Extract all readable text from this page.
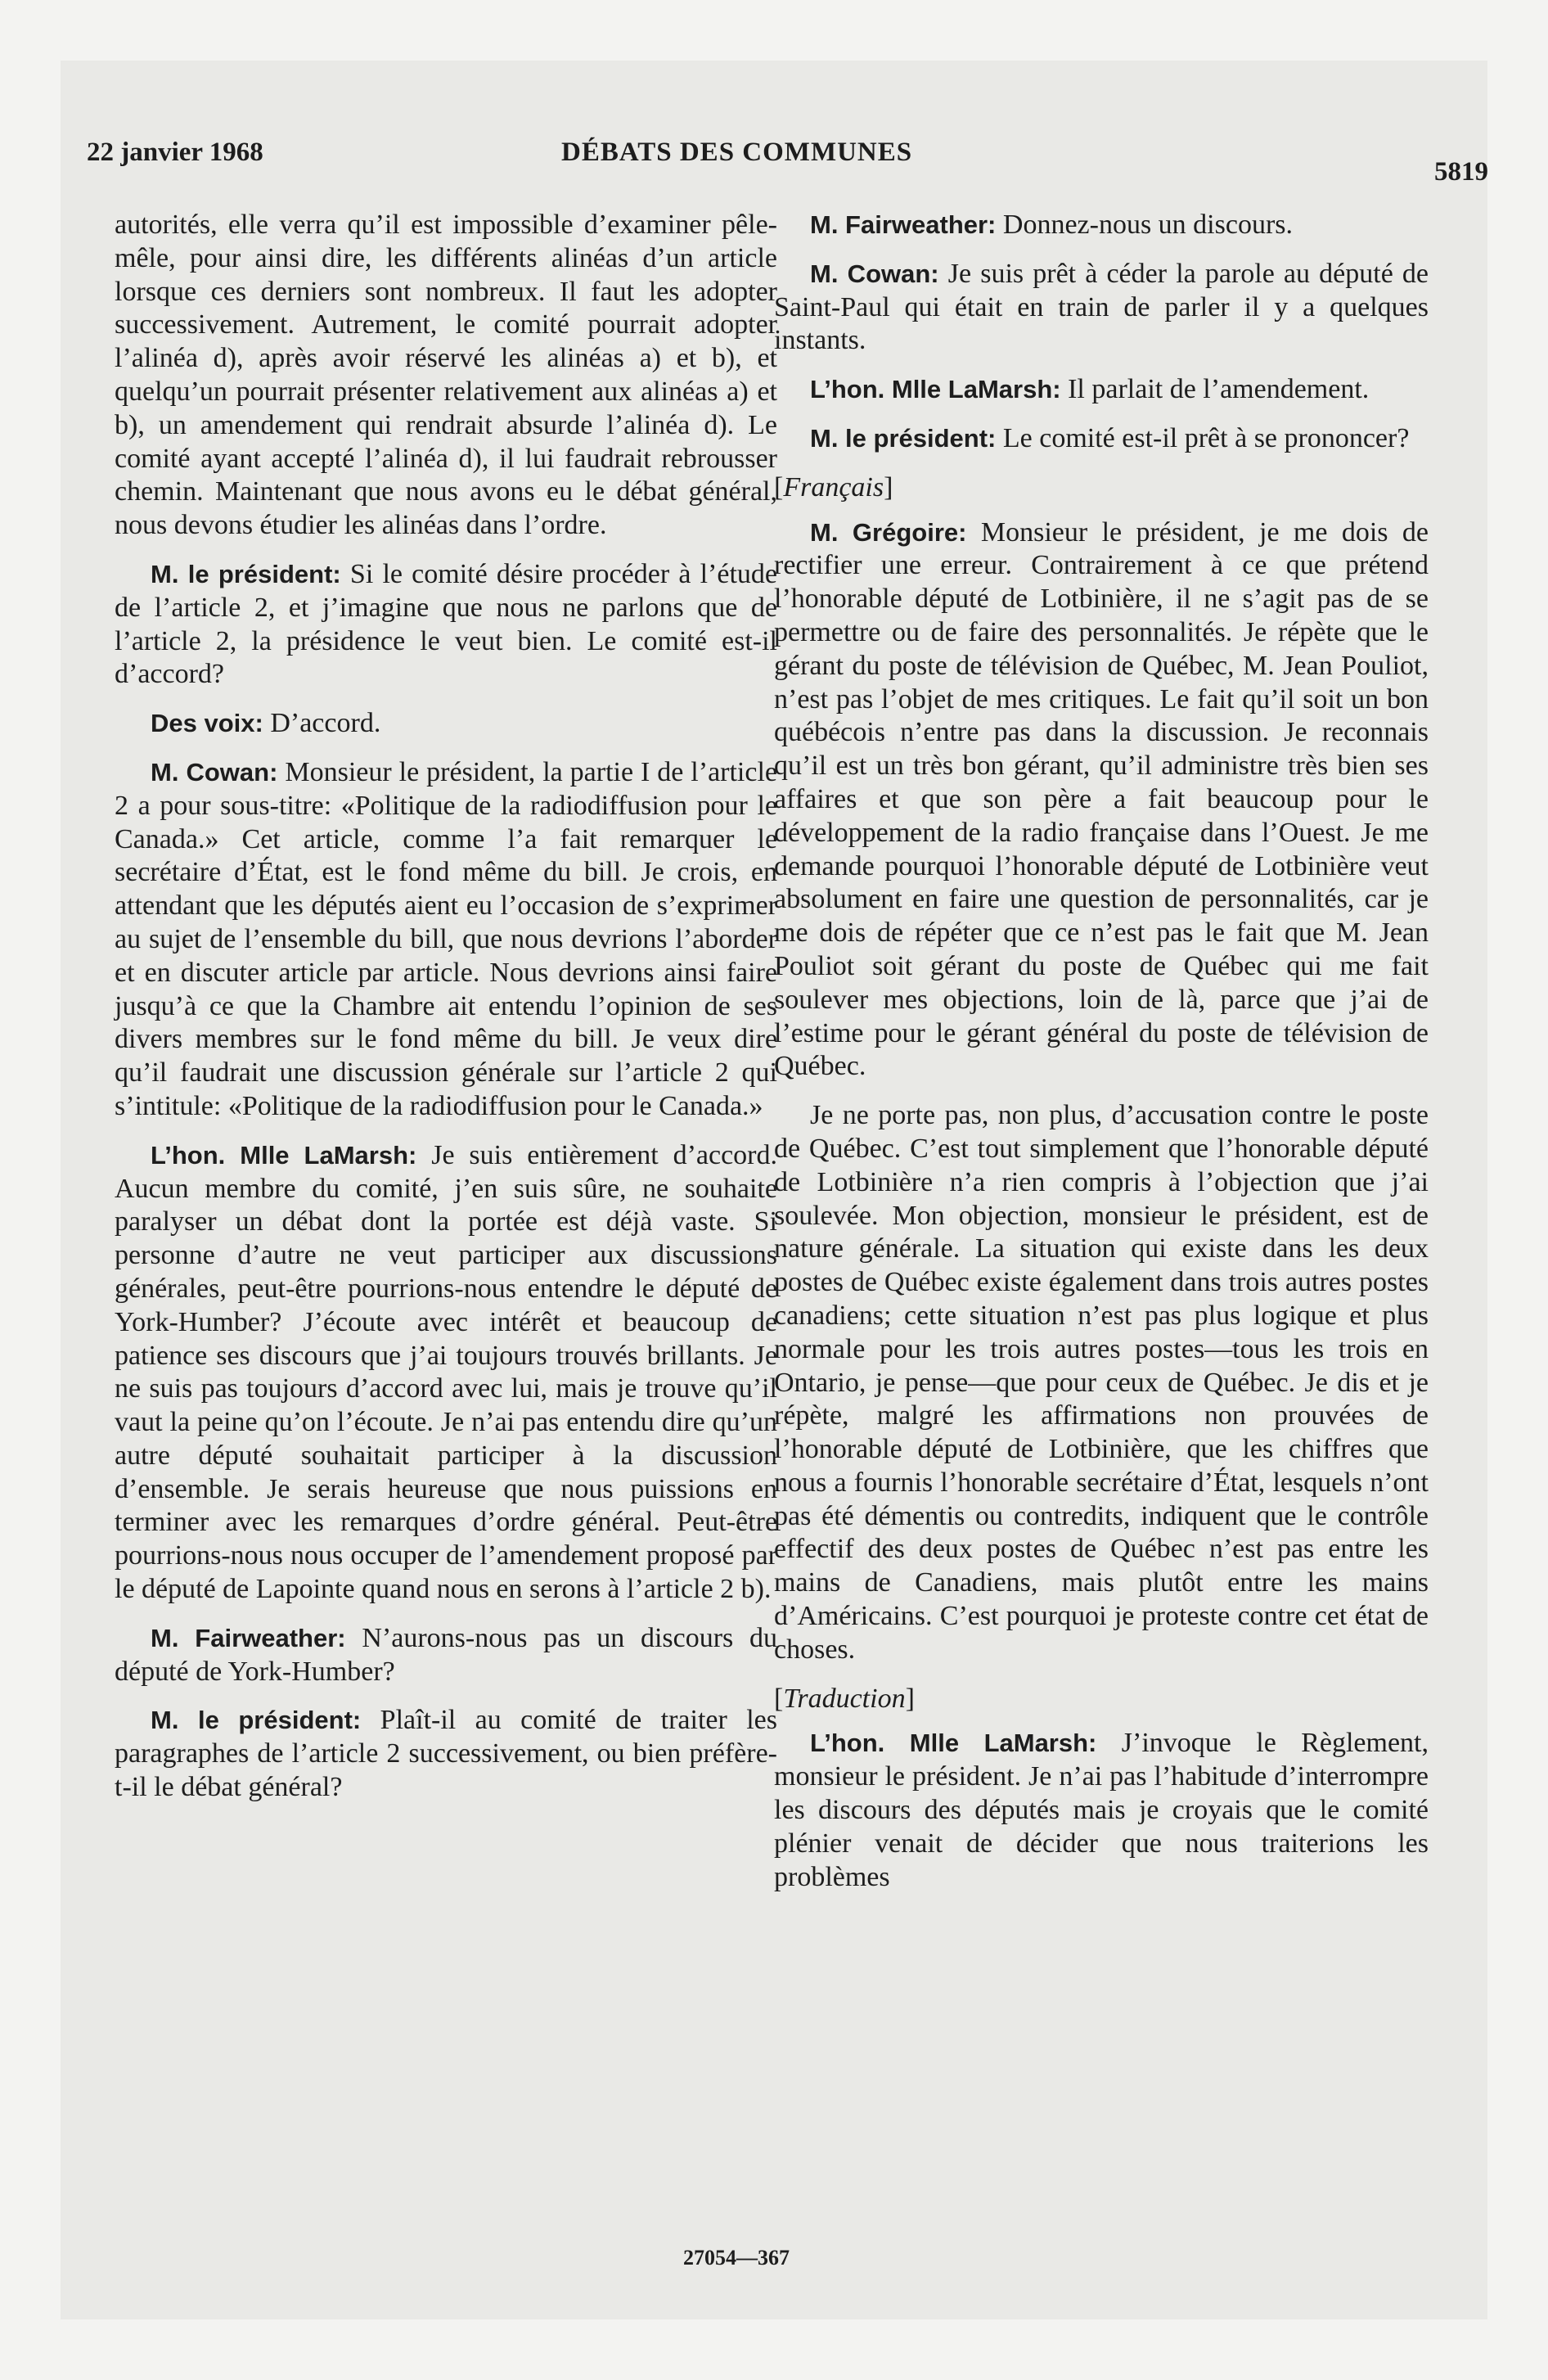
22 janvier 1968	DÉBATS DES COMMUNES
5819

autorités, elle verra qu’il est impossible d’examiner pêle-mêle, pour ainsi dire, les différents alinéas d’un article lorsque ces derniers sont nombreux. Il faut les adopter successivement. Autrement, le comité pourrait adopter l’alinéa d), après avoir réservé les alinéas a) et b), et quelqu’un pourrait présenter relativement aux alinéas a) et b), un amendement qui rendrait absurde l’alinéa d). Le comité ayant accepté l’alinéa d), il lui faudrait rebrousser chemin. Maintenant que nous avons eu le débat général, nous devons étudier les alinéas dans l’ordre.

M. le président: Si le comité désire procéder à l’étude de l’article 2, et j’imagine que nous ne parlons que de l’article 2, la présidence le veut bien. Le comité est-il d’accord?

Des voix: D’accord.

M. Cowan: Monsieur le président, la partie I de l’article 2 a pour sous-titre: «Politique de la radiodiffusion pour le Canada.» Cet article, comme l’a fait remarquer le secrétaire d’État, est le fond même du bill. Je crois, en attendant que les députés aient eu l’occasion de s’exprimer au sujet de l’ensemble du bill, que nous devrions l’aborder et en discuter article par article. Nous devrions ainsi faire jusqu’à ce que la Chambre ait entendu l’opinion de ses divers membres sur le fond même du bill. Je veux dire qu’il faudrait une discussion générale sur l’article 2 qui s’intitule: «Politique de la radiodiffusion pour le Canada.»

L’hon. Mlle LaMarsh: Je suis entièrement d’accord. Aucun membre du comité, j’en suis sûre, ne souhaite paralyser un débat dont la portée est déjà vaste. Si personne d’autre ne veut participer aux discussions générales, peut-être pourrions-nous entendre le député de York-Humber? J’écoute avec intérêt et beaucoup de patience ses discours que j’ai toujours trouvés brillants. Je ne suis pas toujours d’accord avec lui, mais je trouve qu’il vaut la peine qu’on l’écoute. Je n’ai pas entendu dire qu’un autre député souhaitait participer à la discussion d’ensemble. Je serais heureuse que nous puissions en terminer avec les remarques d’ordre général. Peut-être pourrions-nous nous occuper de l’amendement proposé par le député de Lapointe quand nous en serons à l’article 2 b).

M. Fairweather: N’aurons-nous pas un discours du député de York-Humber?

M. le président: Plaît-il au comité de traiter les paragraphes de l’article 2 successivement, ou bien préfère-t-il le débat général?

M. Fairweather: Donnez-nous un discours.

M. Cowan: Je suis prêt à céder la parole au député de Saint-Paul qui était en train de parler il y a quelques instants.

L’hon. Mlle LaMarsh: Il parlait de l’amendement.

M. le président: Le comité est-il prêt à se prononcer?

[ Français ]

M. Grégoire: Monsieur le président, je me dois de rectifier une erreur. Contrairement à ce que prétend l’honorable député de Lotbinière, il ne s’agit pas de se permettre ou de faire des personnalités. Je répète que le gérant du poste de télévision de Québec, M. Jean Pouliot, n’est pas l’objet de mes critiques. Le fait qu’il soit un bon québécois n’entre pas dans la discussion. Je reconnais qu’il est un très bon gérant, qu’il administre très bien ses affaires et que son père a fait beaucoup pour le développement de la radio française dans l’Ouest. Je me demande pourquoi l’honorable député de Lotbinière veut absolument en faire une question de personnalités, car je me dois de répéter que ce n’est pas le fait que M. Jean Pouliot soit gérant du poste de Québec qui me fait soulever mes objections, loin de là, parce que j’ai de l’estime pour le gérant général du poste de télévision de Québec.

Je ne porte pas, non plus, d’accusation contre le poste de Québec. C’est tout simplement que l’honorable député de Lotbinière n’a rien compris à l’objection que j’ai soulevée. Mon objection, monsieur le président, est de nature générale. La situation qui existe dans les deux postes de Québec existe également dans trois autres postes canadiens; cette situation n’est pas plus logique et plus normale pour les trois autres postes—tous les trois en Ontario, je pense—que pour ceux de Québec. Je dis et je répète, malgré les affirmations non prouvées de l’honorable député de Lotbinière, que les chiffres que nous a fournis l’honorable secrétaire d’État, lesquels n’ont pas été démentis ou contredits, indiquent que le contrôle effectif des deux postes de Québec n’est pas entre les mains de Canadiens, mais plutôt entre les mains d’Américains. C’est pourquoi je proteste contre cet état de choses.

[ Traduction ]

L’hon. Mlle LaMarsh: J’invoque le Règlement, monsieur le président. Je n’ai pas l’habitude d’interrompre les discours des députés mais je croyais que le comité plénier venait de décider que nous traiterions les problèmes

27054—367
